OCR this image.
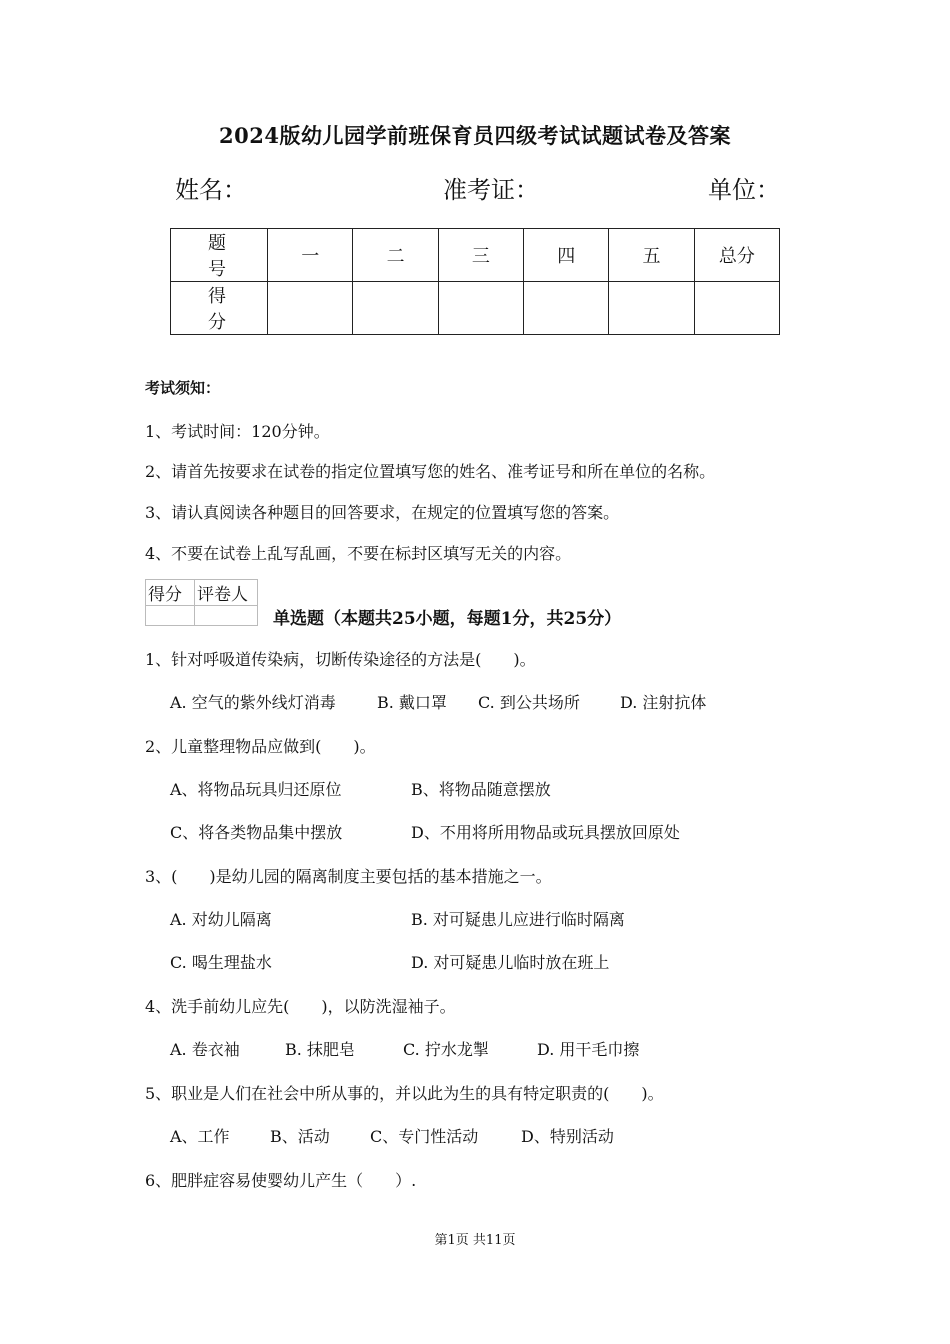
2024版幼儿园学前班保育员四级考试试题试卷及答案
姓名：	准考证：	单位：
题　号	一	二	三	四	五	总分
得　分						
考试须知：
1、考试时间：120分钟。
2、请首先按要求在试卷的指定位置填写您的姓名、准考证号和所在单位的名称。
3、请认真阅读各种题目的回答要求，在规定的位置填写您的答案。
4、不要在试卷上乱写乱画，不要在标封区填写无关的内容。
得分	评卷人

单选题（本题共25小题，每题1分，共25分）
1、针对呼吸道传染病，切断传染途径的方法是(　　)。
A. 空气的紫外线灯消毒	B. 戴口罩 C. 到公共场所	D. 注射抗体
2、儿童整理物品应做到(　　)。
A、将物品玩具归还原位	B、将物品随意摆放
C、将各类物品集中摆放	D、不用将所用物品或玩具摆放回原处
3、(　　)是幼儿园的隔离制度主要包括的基本措施之一。
A. 对幼儿隔离	B. 对可疑患儿应进行临时隔离
C. 喝生理盐水	D. 对可疑患儿临时放在班上
4、洗手前幼儿应先(　　)，以防洗湿袖子。
A. 卷衣袖	B. 抹肥皂	C. 拧水龙掣	D. 用干毛巾擦
5、职业是人们在社会中所从事的，并以此为生的具有特定职责的(　　)。
A、工作	B、活动	C、专门性活动	D、特别活动
6、肥胖症容易使婴幼儿产生（　　）.
第1页 共11页
